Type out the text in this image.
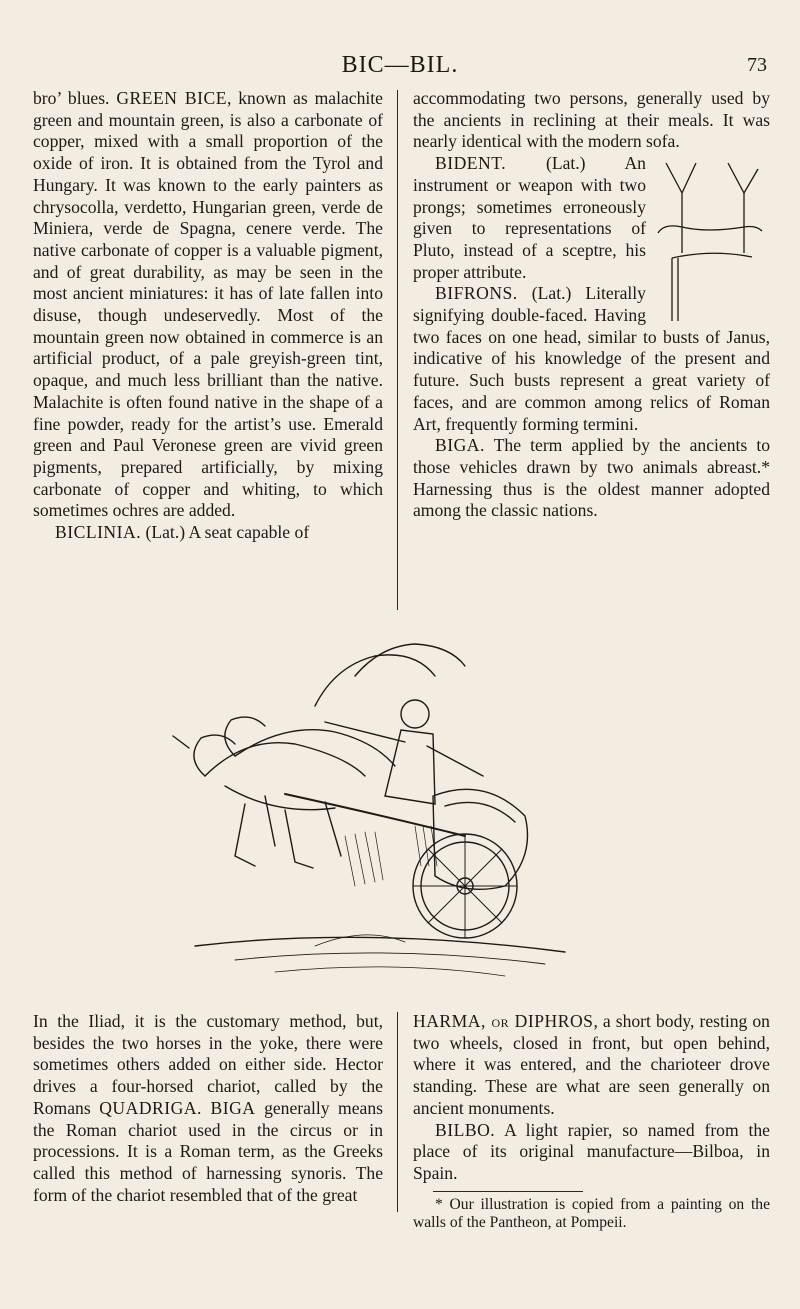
BIC—BIL.	73

bro’ blues. GREEN BICE, known as malachite green and mountain green, is also a carbonate of copper, mixed with a small proportion of the oxide of iron. It is obtained from the Tyrol and Hungary. It was known to the early painters as chrysocolla, verdetto, Hungarian green, verde de Miniera, verde de Spagna, cenere verde. The native carbonate of copper is a valuable pigment, and of great durability, as may be seen in the most ancient miniatures: it has of late fallen into disuse, though undeservedly. Most of the mountain green now obtained in commerce is an artificial product, of a pale greyish-green tint, opaque, and much less brilliant than the native. Malachite is often found native in the shape of a fine powder, ready for the artist’s use. Emerald green and Paul Veronese green are vivid green pigments, prepared artificially, by mixing carbonate of copper and whiting, to which sometimes ochres are added.

BICLINIA. (Lat.) A seat capable of

accommodating two persons, generally used by the ancients in reclining at their meals. It was nearly identical with the modern sofa.

BIDENT. (Lat.) An instrument or weapon with two prongs; sometimes erroneously given to representations of Pluto, instead of a sceptre, his proper attribute.

BIFRONS. (Lat.) Literally signifying double-faced. Having two faces on one head, similar to busts of Janus, indicative of his knowledge of the present and future. Such busts represent a great variety of faces, and are common among relics of Roman Art, frequently forming termini.

BIGA. The term applied by the ancients to those vehicles drawn by two animals abreast.* Harnessing thus is the oldest manner adopted among the classic nations.

In the Iliad, it is the customary method, but, besides the two horses in the yoke, there were sometimes others added on either side. Hector drives a four-horsed chariot, called by the Romans QUADRIGA. BIGA generally means the Roman chariot used in the circus or in processions. It is a Roman term, as the Greeks called this method of harnessing synoris. The form of the chariot resembled that of the great

HARMA, or DIPHROS, a short body, resting on two wheels, closed in front, but open behind, where it was entered, and the charioteer drove standing. These are what are seen generally on ancient monuments.

BILBO. A light rapier, so named from the place of its original manufacture—Bilboa, in Spain.

* Our illustration is copied from a painting on the walls of the Pantheon, at Pompeii.
